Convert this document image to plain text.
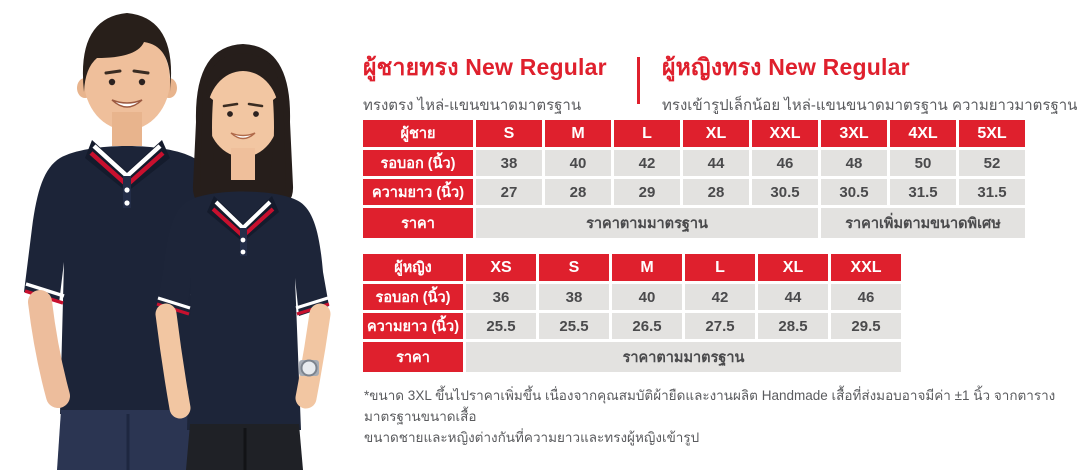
ผู้ชายทรง New Regular
ทรงตรง ไหล่-แขนขนาดมาตรฐาน
ผู้หญิงทรง New Regular
ทรงเข้ารูปเล็กน้อย ไหล่-แขนขนาดมาตรฐาน ความยาวมาตรฐาน
ผู้ชาย	S	M	L	XL	XXL	3XL	4XL	5XL
รอบอก (นิ้ว)	38	40	42	44	46	48	50	52
ความยาว (นิ้ว)	27	28	29	28	30.5	30.5	31.5	31.5
ราคา	ราคาตามมาตรฐาน	ราคาเพิ่มตามขนาดพิเศษ
ผู้หญิง	XS	S	M	L	XL	XXL
รอบอก (นิ้ว)	36	38	40	42	44	46
ความยาว (นิ้ว)	25.5	25.5	26.5	27.5	28.5	29.5
ราคา	ราคาตามมาตรฐาน
*ขนาด 3XL ขึ้นไปราคาเพิ่มขึ้น เนื่องจากคุณสมบัติผ้ายืดและงานผลิต Handmade เสื้อที่ส่งมอบอาจมีค่า ±1 นิ้ว จากตารางมาตรฐานขนาดเสื้อ
ขนาดชายและหญิงต่างกันที่ความยาวและทรงผู้หญิงเข้ารูป
